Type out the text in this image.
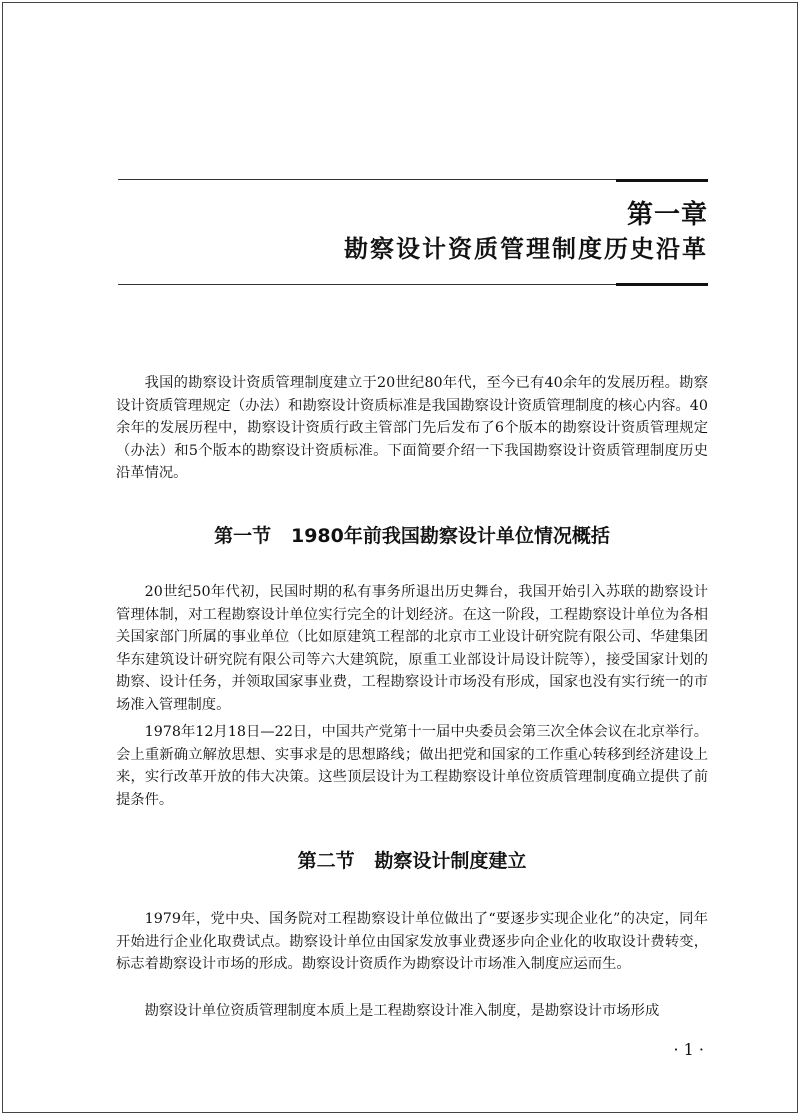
第一章
勘察设计资质管理制度历史沿革

我国的勘察设计资质管理制度建立于20世纪80年代，至今已有40余年的发展历程。勘察设计资质管理规定（办法）和勘察设计资质标准是我国勘察设计资质管理制度的核心内容。40余年的发展历程中，勘察设计资质行政主管部门先后发布了6个版本的勘察设计资质管理规定（办法）和5个版本的勘察设计资质标准。下面简要介绍一下我国勘察设计资质管理制度历史沿革情况。

第一节   1980年前我国勘察设计单位情况概括

20世纪50年代初，民国时期的私有事务所退出历史舞台，我国开始引入苏联的勘察设计管理体制，对工程勘察设计单位实行完全的计划经济。在这一阶段，工程勘察设计单位为各相关国家部门所属的事业单位（比如原建筑工程部的北京市工业设计研究院有限公司、华建集团华东建筑设计研究院有限公司等六大建筑院，原重工业部设计局设计院等），接受国家计划的勘察、设计任务，并领取国家事业费，工程勘察设计市场没有形成，国家也没有实行统一的市场准入管理制度。

1978年12月18日—22日，中国共产党第十一届中央委员会第三次全体会议在北京举行。会上重新确立解放思想、实事求是的思想路线；做出把党和国家的工作重心转移到经济建设上来，实行改革开放的伟大决策。这些顶层设计为工程勘察设计单位资质管理制度确立提供了前提条件。

第二节   勘察设计制度建立

1979年，党中央、国务院对工程勘察设计单位做出了“要逐步实现企业化”的决定，同年开始进行企业化取费试点。勘察设计单位由国家发放事业费逐步向企业化的收取设计费转变，标志着勘察设计市场的形成。勘察设计资质作为勘察设计市场准入制度应运而生。

勘察设计单位资质管理制度本质上是工程勘察设计准入制度，是勘察设计市场形成

· 1 ·
